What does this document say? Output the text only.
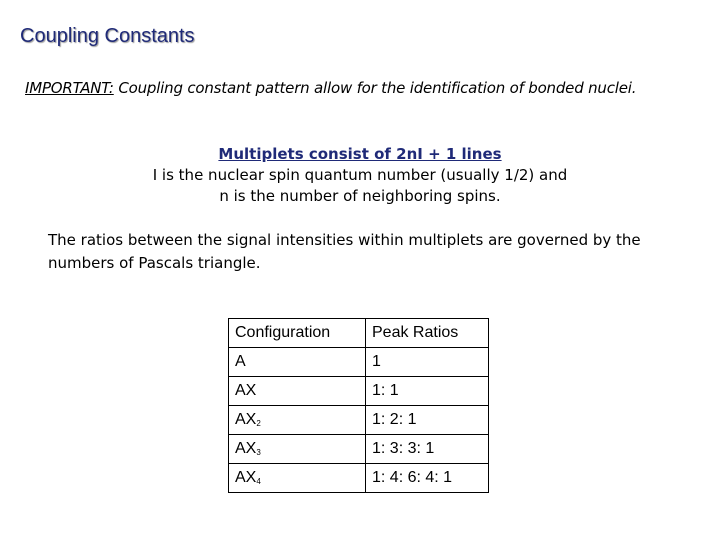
Coupling Constants
IMPORTANT: Coupling constant pattern allow for the identification of bonded nuclei.
Multiplets consist of 2nI + 1 lines
I is the nuclear spin quantum number (usually 1/2) and
n is the number of neighboring spins.
The ratios between the signal intensities within multiplets are governed by the numbers of Pascals triangle.
Configuration	Peak Ratios
A	1
AX	1: 1
$AX_2$	1: 2: 1
$AX_3$	1: 3: 3: 1
$AX_4$	1: 4: 6: 4: 1
